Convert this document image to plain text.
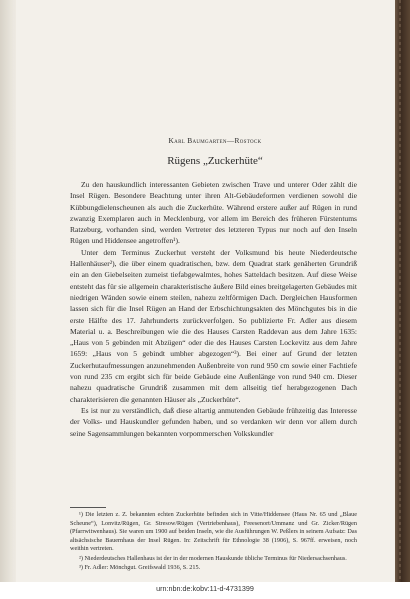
Karl Baumgarten—Rostock
Rügens „Zuckerhüte“

Zu den hauskundlich interessanten Gebieten zwischen Trave und unterer Oder zählt die Insel Rügen. Besondere Beachtung unter ihren Alt-Gebäudeformen verdienen sowohl die Kübbungdielenscheunen als auch die Zuckerhüte. Während erstere außer auf Rügen in rund zwanzig Exemplaren auch in Mecklenburg, vor allem im Bereich des früheren Fürstentums Ratzeburg, vorhanden sind, werden Vertreter des letzteren Typus nur noch auf den Inseln Rügen und Hiddensee angetroffen¹).

Unter dem Terminus Zuckerhut versteht der Volksmund bis heute Niederdeutsche Hallenhäuser²), die über einem quadratischen, bzw. dem Quadrat stark genäherten Grundriß ein an den Giebelseiten zumeist tiefabgewalmtes, hohes Satteldach besitzen. Auf diese Weise entsteht das für sie allgemein charakteristische äußere Bild eines breitgelagerten Gebäudes mit niedrigen Wänden sowie einem steilen, nahezu zeltförmigen Dach. Dergleichen Hausformen lassen sich für die Insel Rügen an Hand der Erbschichtungsakten des Mönchgutes bis in die erste Hälfte des 17. Jahrhunderts zurückverfolgen. So publizierte Fr. Adler aus diesem Material u. a. Beschreibungen wie die des Hauses Carsten Raddevan aus dem Jahre 1635: „Haus von 5 gebinden mit Abzügen“ oder die des Hauses Carsten Lockevitz aus dem Jahre 1659: „Haus von 5 gebindt umbher abgezogen“³). Bei einer auf Grund der letzten Zuckerhutaufmessungen anzunehmenden Außenbreite von rund 950 cm sowie einer Fachtiefe von rund 235 cm ergibt sich für beide Gebäude eine Außenlänge von rund 940 cm. Dieser nahezu quadratische Grundriß zusammen mit dem allseitig tief herabgezogenen Dach charakterisieren die genannten Häuser als „Zuckerhüte“.

Es ist nur zu verständlich, daß diese altartig anmutenden Gebäude frühzeitig das Interesse der Volks- und Hauskundler gefunden haben, und so verdanken wir denn vor allem durch seine Sagensammlungen bekannten vorpommerschen Volkskundler

¹) Die letzten z. Z. bekannten echten Zuckerhüte befinden sich in Vitte/Hiddensee (Haus Nr. 65 und „Blaue Scheune“), Lonvitz/Rügen, Gr. Stresow/Rügen (Vertriebenhaus), Freesenort/Ummanz und Gr. Zicker/Rügen (Pfarrwitwenhaus). Sie waren um 1900 auf beiden Inseln, wie die Ausführungen W. Peßlers in seinem Aufsatz: Das altsächsische Bauernhaus der Insel Rügen. In: Zeitschrift für Ethnologie 38 (1906), S. 967ff. erweisen, noch weithin vertreten.

²) Niederdeutsches Hallenhaus ist der in der modernen Hauskunde übliche Terminus für Niedersachsenhaus.

³) Fr. Adler: Mönchgut. Greifswald 1936, S. 215.

urn:nbn:de:kobv:11-d-4731399
